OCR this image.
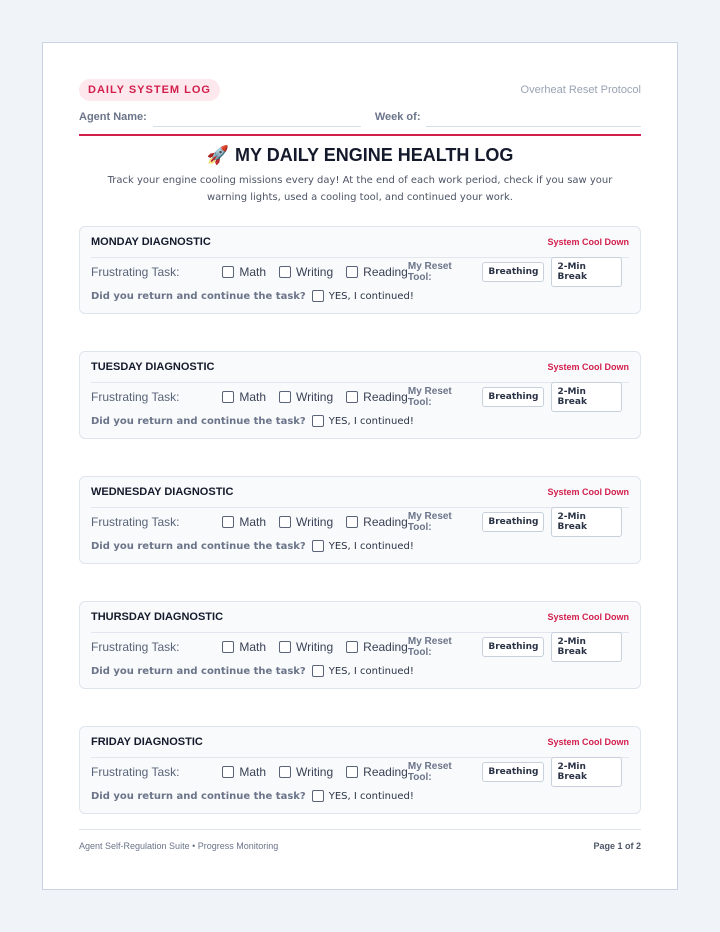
DAILY SYSTEM LOG	Overheat Reset Protocol
Agent Name:	Week of:
🚀 MY DAILY ENGINE HEALTH LOG
Track your engine cooling missions every day! At the end of each work period, check if you saw your warning lights, used a cooling tool, and continued your work.
MONDAY DIAGNOSTIC	System Cool Down
Frustrating Task:	Math	Writing	Reading My Reset Tool:	Breathing	2-Min Break
Did you return and continue the task? YES, I continued!
TUESDAY DIAGNOSTIC	System Cool Down
Frustrating Task:	Math	Writing	Reading My Reset Tool:	Breathing	2-Min Break
Did you return and continue the task? YES, I continued!
WEDNESDAY DIAGNOSTIC	System Cool Down
Frustrating Task:	Math	Writing	Reading My Reset Tool:	Breathing	2-Min Break
Did you return and continue the task? YES, I continued!
THURSDAY DIAGNOSTIC	System Cool Down
Frustrating Task:	Math	Writing	Reading My Reset Tool:	Breathing	2-Min Break
Did you return and continue the task? YES, I continued!
FRIDAY DIAGNOSTIC	System Cool Down
Frustrating Task:	Math	Writing	Reading My Reset Tool:	Breathing	2-Min Break
Did you return and continue the task? YES, I continued!
Agent Self-Regulation Suite • Progress Monitoring	Page 1 of 2
